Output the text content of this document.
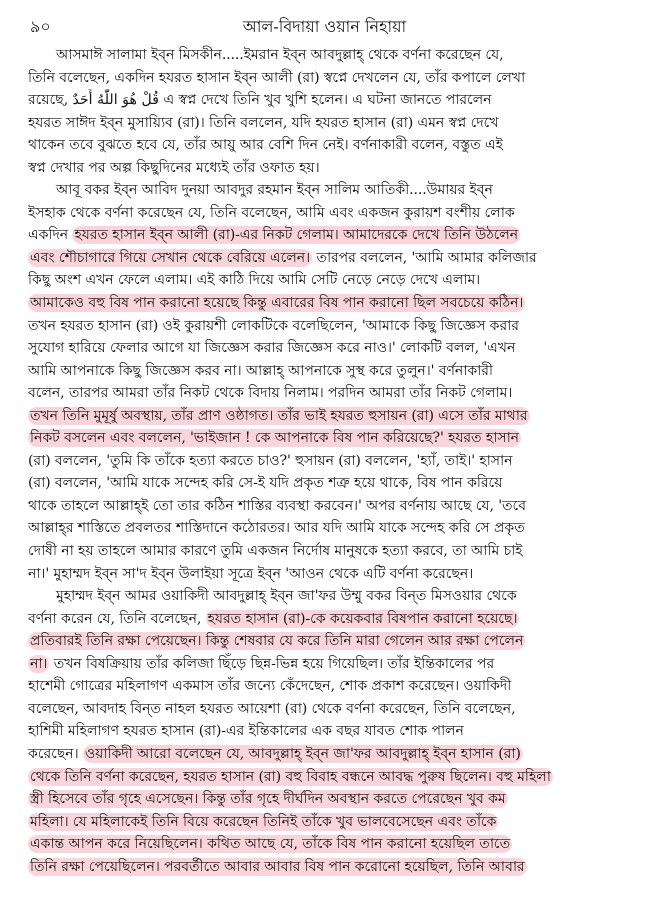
৯০	আল-বিদায়া ওয়ান নিহায়া
আসমাঈ সালামা ইব্‌ন মিসকীন.....ইমরান ইব্‌ন আবদুল্লাহ্‌ থেকে বর্ণনা করেছেন যে,
তিনি বলেছেন, একদিন হযরত হাসান ইব্‌ন আলী (রা) স্বপ্নে দেখলেন যে, তাঁর কপালে লেখা
রয়েছে, قُلْ هُوَ اللّٰهُ أَحَدٌ এ স্বপ্ন দেখে তিনি খুব খুশি হলেন। এ ঘটনা জানতে পারলেন
হযরত সাঈদ ইব্‌ন মুসায়্যিব (রা)। তিনি বললেন, যদি হযরত হাসান (রা) এমন স্বপ্ন দেখে
থাকেন তবে বুঝতে হবে যে, তাঁর আয়ু আর বেশি দিন নেই। বর্ণনাকারী বলেন, বস্তুত এই
স্বপ্ন দেখার পর অল্প কিছুদিনের মধ্যেই তাঁর ওফাত হয়।
আবূ বকর ইব্‌ন আবিদ দুনয়া আবদুর রহমান ইব্‌ন সালিম আতিকী....উমায়র ইব্‌ন
ইসহাক থেকে বর্ণনা করেছেন যে, তিনি বলেছেন, আমি এবং একজন কুরায়শ বংশীয় লোক
একদিন হযরত হাসান ইব্‌ন আলী (রা)-এর নিকট গেলাম। আমাদেরকে দেখে তিনি উঠলেন
এবং শৌচাগারে গিয়ে সেখান থেকে বেরিয়ে এলেন। তারপর বললেন, 'আমি আমার কলিজার
কিছু অংশ এখন ফেলে এলাম। এই কাঠি দিয়ে আমি সেটি নেড়ে নেড়ে দেখে এলাম।
আমাকেও বহু বিষ পান করানো হয়েছে কিন্তু এবারের বিষ পান করানো ছিল সবচেয়ে কঠিন।
তখন হযরত হাসান (রা) ওই কুরায়শী লোকটিকে বলেছিলেন, 'আমাকে কিছু জিজ্ঞেস করার
সুযোগ হারিয়ে ফেলার আগে যা জিজ্ঞেস করার জিজ্ঞেস করে নাও।' লোকটি বলল, 'এখন
আমি আপনাকে কিছু জিজ্ঞেস করব না। আল্লাহ্‌ আপনাকে সুস্থ করে তুলুন।' বর্ণনাকারী
বলেন, তারপর আমরা তাঁর নিকট থেকে বিদায় নিলাম। পরদিন আমরা তাঁর নিকট গেলাম।
তখন তিনি মুমূর্ষু অবস্থায়, তাঁর প্রাণ ওষ্ঠাগত। তাঁর ভাই হযরত হুসায়ন (রা) এসে তাঁর মাথার
নিকট বসলেন এবং বললেন, 'ভাইজান ! কে আপনাকে বিষ পান করিয়েছে?' হযরত হাসান
(রা) বললেন, 'তুমি কি তাঁকে হত্যা করতে চাও?' হুসায়ন (রা) বললেন, 'হ্যাঁ, তাই।' হাসান
(রা) বললেন, 'আমি যাকে সন্দেহ করি সে-ই যদি প্রকৃত শত্রু হয়ে থাকে, বিষ পান করিয়ে
থাকে তাহলে আল্লাহ্‌ই তো তার কঠিন শাস্তির ব্যবস্থা করবেন।' অপর বর্ণনায় আছে যে, 'তবে
আল্লাহ্‌র শাস্তিতে প্রবলতর শাস্তিদানে কঠোরতর। আর যদি আমি যাকে সন্দেহ করি সে প্রকৃত
দোষী না হয় তাহলে আমার কারণে তুমি একজন নির্দোষ মানুষকে হত্যা করবে, তা আমি চাই
না।' মুহাম্মদ ইব্‌ন সা'দ ইব্‌ন উলাইয়া সূত্রে ইব্‌ন 'আওন থেকে এটি বর্ণনা করেছেন।
মুহাম্মদ ইব্‌ন আমর ওয়াকিদী আবদুল্লাহ্‌ ইব্‌ন জা'ফর উম্মু বকর বিন্‌ত মিসওয়ার থেকে
বর্ণনা করেন যে, তিনি বলেছেন, হযরত হাসান (রা)-কে কয়েকবার বিষপান করানো হয়েছে।
প্রতিবারই তিনি রক্ষা পেয়েছেন। কিন্তু শেষবার যে করে তিনি মারা গেলেন আর রক্ষা পেলেন
না। তখন বিষক্রিয়ায় তাঁর কলিজা ছিঁড়ে ছিন্ন-ভিন্ন হয়ে গিয়েছিল। তাঁর ইন্তিকালের পর
হাশেমী গোত্রের মহিলাগণ একমাস তাঁর জন্যে কেঁদেছেন, শোক প্রকাশ করেছেন। ওয়াকিদী
বলেছেন, আবদাহ বিন্‌ত নাহল হযরত আয়েশা (রা) থেকে বর্ণনা করেছেন, তিনি বলেছেন,
হাশিমী মহিলাগণ হযরত হাসান (রা)-এর ইন্তিকালের এক বছর যাবত শোক পালন
করেছেন। ওয়াকিদী আরো বলেছেন যে, আবদুল্লাহ্‌ ইব্‌ন জা'ফর আবদুল্লাহ্‌ ইব্‌ন হাসান (রা)
থেকে তিনি বর্ণনা করেছেন, হযরত হাসান (রা) বহু বিবাহ বন্ধনে আবদ্ধ পুরুষ ছিলেন। বহু মহিলা
স্ত্রী হিসেবে তাঁর গৃহে এসেছেন। কিন্তু তাঁর গৃহে দীর্ঘদিন অবস্থান করতে পেরেছেন খুব কম
মহিলা। যে মহিলাকেই তিনি বিয়ে করেছেন তিনিই তাঁকে খুব ভালবেসেছেন এবং তাঁকে
একান্ত আপন করে নিয়েছিলেন। কথিত আছে যে, তাঁকে বিষ পান করানো হয়েছিল তাতে
তিনি রক্ষা পেয়েছিলেন। পরবর্তীতে আবার আবার বিষ পান করোনো হয়েছিল, তিনি আবার
